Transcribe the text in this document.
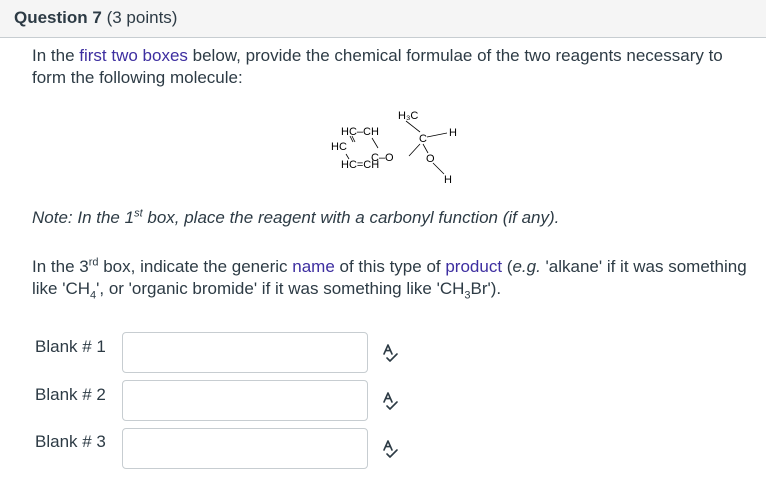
Question 7 (3 points)
In the first two boxes below, provide the chemical formulae of the two reagents necessary to form the following molecule:
H₃C
HC–CH
HC
C–O
HC=CH
C H
O
H
Note: In the 1st box, place the reagent with a carbonyl function (if any).
In the 3rd box, indicate the generic name of this type of product (e.g. 'alkane' if it was something like '$CH_4$', or 'organic bromide' if it was something like '$CH_3Br$').
Blank # 1
Blank # 2
Blank # 3
